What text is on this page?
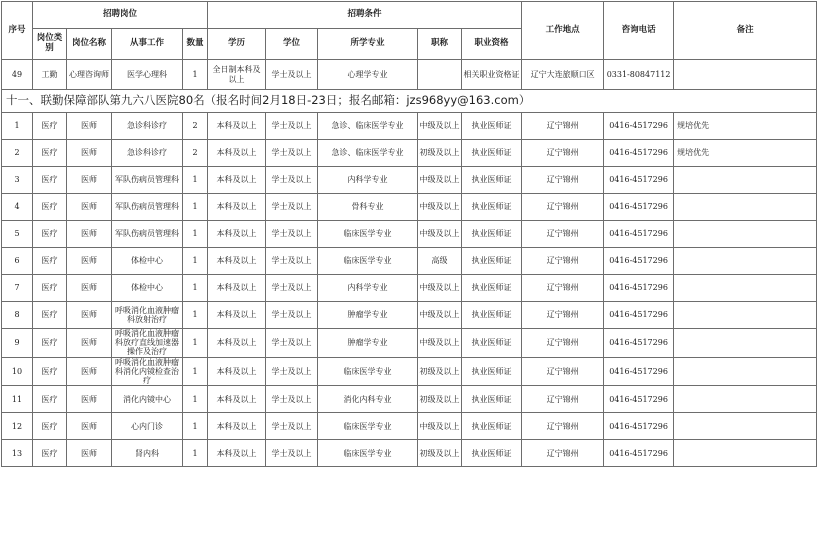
序号	招聘岗位				招聘条件					工作地点	咨询电话	备注
	岗位类别	岗位名称	从事工作	数量	学历	学位	所学专业	职称	职业资格			
49	工勤	心理咨询师	医学心理科	1	全日制本科及以上	学士及以上	心理学专业		相关职业资格证	辽宁大连旅顺口区	0331-80847112	
十一、联勤保障部队第九六八医院80名（报名时间2月18日-23日；报名邮箱：jzs968yy@163.com）												
1	医疗	医师	急诊科诊疗	2	本科及以上	学士及以上	急诊、临床医学专业	中级及以上	执业医师证	辽宁锦州	0416-4517296	规培优先
2	医疗	医师	急诊科诊疗	2	本科及以上	学士及以上	急诊、临床医学专业	初级及以上	执业医师证	辽宁锦州	0416-4517296	规培优先
3	医疗	医师	军队伤病员管理科	1	本科及以上	学士及以上	内科学专业	中级及以上	执业医师证	辽宁锦州	0416-4517296	
4	医疗	医师	军队伤病员管理科	1	本科及以上	学士及以上	骨科专业	中级及以上	执业医师证	辽宁锦州	0416-4517296	
5	医疗	医师	军队伤病员管理科	1	本科及以上	学士及以上	临床医学专业	中级及以上	执业医师证	辽宁锦州	0416-4517296	
6	医疗	医师	体检中心	1	本科及以上	学士及以上	临床医学专业	高级	执业医师证	辽宁锦州	0416-4517296	
7	医疗	医师	体检中心	1	本科及以上	学士及以上	内科学专业	中级及以上	执业医师证	辽宁锦州	0416-4517296	
8	医疗	医师	呼吸消化血液肿瘤科放射治疗	1	本科及以上	学士及以上	肿瘤学专业	中级及以上	执业医师证	辽宁锦州	0416-4517296	
9	医疗	医师	呼吸消化血液肿瘤科放疗直线加速器操作及治疗	1	本科及以上	学士及以上	肿瘤学专业	中级及以上	执业医师证	辽宁锦州	0416-4517296	
10	医疗	医师	呼吸消化血液肿瘤科消化内镜检查治疗	1	本科及以上	学士及以上	临床医学专业	初级及以上	执业医师证	辽宁锦州	0416-4517296	
11	医疗	医师	消化内镜中心	1	本科及以上	学士及以上	消化内科专业	初级及以上	执业医师证	辽宁锦州	0416-4517296	
12	医疗	医师	心内门诊	1	本科及以上	学士及以上	临床医学专业	中级及以上	执业医师证	辽宁锦州	0416-4517296	
13	医疗	医师	肾内科	1	本科及以上	学士及以上	临床医学专业	初级及以上	执业医师证	辽宁锦州	0416-4517296	
